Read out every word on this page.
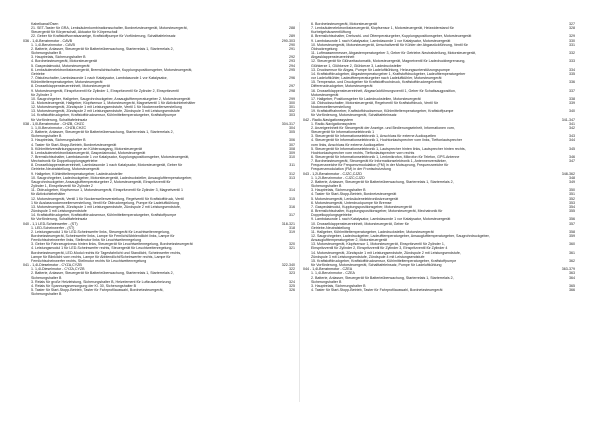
Kabelkanal/Ösen
21. SET-Taster für GRA, Lenksäulenkombinationsschalter, Bordnetzsteuergerät, Motorsteuergerät,	288
Steuergerät für Körperschall, Aktuator für Körperschall
22. Geber für Kraftstoffvorratsanzeige, Kraftstoffpumpe für Vorförderung, Schalttafeleinsatz	289
036 - 1,4l-Benzinmotor - CAVB	290-303
1. 1,4l-Benzinmotor - CAVB	290
2. Batterie, Anlasser, Steuergerät für Batterieüberwachung, Starterrelais 1, Starterrelais 2,	291
Sicherungshalter B
3. Hauptrelais, Sicherungshalter B	292
4. Bordnetzsteuergerät, Motorsteuergerät	293
5. Gaspedalmodul, Motorsteuergerät	294
6. Lenksäulenelektronikstzeuergerät, Bremslichtschalter, Kupplungspositionsgeber, Motorsteuergerät,	295
Getriebe
7. Ölstufzschalter, Lambdasonde 1 nach Katalysator, Lambdasonde 1 vor Katalysator,	296
Kühlmitteltemperaturgeber, Motorsteuergerät
8. Drosselklappensteuereinheit, Motorsteuergerät	297
9. Motorsteuergerät, Einspritzventil für Zylinder 1, Einspritzventil für Zylinder 2, Einspritzventil	298
für Zylinder 3
10. Saugrohrgeber, Hallgeber, Saugrohrdruckgeber, Ansauglufttemperaturgeber 2, Motorsteuergerät	299
11. Motorsteuergerät, Hallgeber, Klopfsensor 1, Motorsteuergerät, Magnetventil 1 für Aktivkohlebehälter	300
12. Motorsteuergerät, Zündspule 1 mit Leistungsendstufe, Ventil 1 für Nockenwellenverstellung	301
13. Motorsteuergerät, Zündspule 2 mit Leistungsendstufe, Zündspule 3 mit Leistungsendstufe	302
14. Kraftstoffdruckgeber, Kraftstoffdrucksensor, Kühlmitteltemperaturgeber, Kraftstoffpumpe	303
für Vorförderung, Schalttafeleinsatz
038 - 1,0l-Benzinmotor - CHZB, CHZC	304-317
1. 1,0l-Benzinmotor - CHZB,CHZC	304
2. Batterie, Anlasser, Steuergerät für Batterieüberwachung, Starterrelais 1, Starterrelais 2,	305
Sicherungshalter B
3. Hauptrelais, Sicherungshalter B	306
4. Taster für Start-Stopp-Betrieb, Bordnetzsteuergerät	307
5. Kühlmittelverstärkungspumpe an Kühlerausgang, Motorsteuergerät	308
6. Lenksäulenelektronikstzeuergerät, Gaspedalmodul, Motorsteuergerät	309
7. Bremslichtschalter, Lambdasonde 1 vor Katalysator, Kupplungspositionsgeber, Motorsteuergerät,	310
Mechatronik für Doppelkupplungsgetriebe
8. Drosselklappensteuereinheit, Lambdasonde 1 nach Katalysator, Motorsteuergerät, Geber für	311
Getriebe-Neutralstellung, Motorsteuergerät
9. Hallgeber, Kühlmitteltemperaturgeber, Ladedrucksteller	312
10. Saugrohrgeber, Ladedruckgeber, Motorsteuergerät, Ladedrucksteller, Ansauglufttemperaturgeber,	313
Saugrohrdruckgeber, Ansauglufttemperaturgeber 2, Motorsteuergerät, Einspritzventil für
Zylinder 1, Einspritzventil für Zylinder 2
11. Öldruckgeber, Klopfsensor 1, Motorsteuergerät, Einspritzventil für Zylinder 3, Magnetventil 1	314
für Aktivkohlebehälter
12. Motorsteuergerät, Ventil 1 für Nockenwellenverstellung, Regelventil für Kraftstoffdruck, Ventil	315
1 für Auslassnockenwellenverstellung, Ventil für Öldruckregelung, Pumpe für Ladeluftkühlung
13. Motorsteuergerät, Zündspule 1 mit Leistungsendstufe, Zündspule 2 mit Leistungsendstufe,	316
Zündspule 3 mit Leistungsendstufe
14. Kraftstoffdruckgeber, Kraftstoffdrucksensor, Kühlmitteltemperaturgeber, Kraftstoffpumpe	317
für Vorförderung, Schalttafeleinsatz
040 - 1,1 LED-Scheinwerfer - (ST)	318-321
1. LED-Scheinwerfer - (ST)	318
2. Leistungsmodul 1 für LED-Scheinwerfer links, Steuergerät für Leuchtweitenregelung,	319
Bordnetzsteuergerät, Scheinwerfer links, Lampe für Fernlicht/Abblendlicht links, Lampe für
Fernlichtscheinwerfer links, Stellmotor links für Leuchtweitenregelung
3. Geber für Fahrzeugniveau hinten links, Steuergerät für Leuchtweitenregelung, Bordnetzsteuergerät	320
4. Leistungsmodul 1 für LED-Scheinwerfer rechts, Steuergerät für Leuchtweitenregelung,	321
Bordnetzsteuergerät, LED-Modul rechts für Tagesfahrlicht und Standlicht, Scheinwerfer rechts,
Lampe für Blinklicht vorn rechts, Lampe für Abblendlicht/Scheinwerfer rechts, Lampe für
Fernlichtscheinwerfer rechts, Stellmotor rechts für Leuchtweitenregelung
041 - 1,4l-Dieselmotor - CYZA,CYZB	322-340
1. 1,4l-Dieselmotor - CYZA,CYZB	322
2. Batterie, Anlasser, Steuergerät für Batterieüberwachung, Starterrelais 1, Starterrelais 2,	323
Sicherungshalter B
3. Relais für große Heizleistung, Sicherungshalter B, Heizelement für Luftzusatzheizung	324
4. Relais für Spannungsversorgung der Kl. 30, Sicherungshalter B	325
5. Taster für Start-Stopp-Betrieb, Taster für Fahrprofilauswahl, Bordnetzsteuergerät,	326
Sicherungshalter B
6. Bordnetzsteuergerät, Motorsteuergerät	327
7. Lenksäulenelektronikstzeuergerät, Klopfsensor 1, Motorsteuergerät, Heizwiderstand für	328
Kurbelgehäuseentlüftung
8. Bremslichtschalter, Drehzahl- und Öltemperaturgeber, Kupplungspositionsgeber, Motorsteuergerät	329
9. Lambdasonde 1 nach Katalysator, Lambdasonde 1 vor Katalysator, Motorsteuergerät	330
10. Motorsteuergerät, Motorsteuergerät, Umschaltventil für Kühler der Abgasrückführung, Ventil für	331
Öldruckregelung
11. Luftmassenmesser, Abgastemperaturgeber 3, Geber für Getriebe-Neutralstellung, Motorsteuergerät,	332
Abgasklappensteuereinheit
12. Steuergerät für Glühzeitautomatik, Motorsteuergerät, Magnetventil für Ladedruckbegrenzung,	333
Glühkerze 1, Glühkerze 2, Glühkerze 3, Ladedrucksteller
13. Drucksensor für Abgas, Pumpe für Ladeluftkühlung, Heizungsunterstützungspumpe	334
14. Kraftstoffdruckgeber, Abgastemperaturgeber 1, Kraftstoffdruckgeber, Ladeufttemperaturgeber	335
vor Ladeluftkühler, Ladeufttemperaturgeber nach Ladeluftkühler, Motorsteuergerät
15. Temperatur- und Druckgeber für Kraftstoffhochdruck, Kraftstoffdruckregelventil,	336
Differenzdruckgeber, Motorsteuergerät
16. Drosselklappensteuereinheit, Abgasrückführungsventil 1, Geber für Schaltsaugposition,	337
Motorsteuergerät
17. Hallgeber, Positionsgeber für Ladedruckstellen, Motorsteuergerät	338
18. Öldrucksschalter, Motorsteuergerät, Regelventil für Kraftstoffdruck, Ventil für	339
Nockenwellenverstellung
19. Kraftstoffhahneber, Kraftstoffdrucksensor, Kühlmitteltemperaturgeber, Kraftstoffpumpe	340
für Vorförderung, Motorsteuergerät, Schalttafeleinsatz
042 - Radio-Navigationssystem	341-347
1. Radio-Navigationssystem	341
2. Anzeigeeinheit für Steuergerät der Anzeige- und Bedienungseinheit, Informationen vorn,	342
Steuergerät für Informationselektronik 1
3. Steuergerät für Informationselektronik 1, Anschluss für externe Audioquellen	343
4. Steuergerät für Informationselektronik 1, Hochtonlautsprecher vorn links, Tieftonlautsprecher	344
vorn links, Anschluss für externe Audioquellen
5. Steuergerät für Informationselektronik 1, Lautsprecher hinten links, Lautsprecher hinten rechts,	345
Hochtonlautsprecher vorn rechts, Tieftonlautsprecher vorn rechts
6. Steuergerät für Informationselektronik 1, Lenkmikrofon, Mikrofon für Telefon, GPS-Antenne	346
7. Bordnetzsteuergerät, Steuergerät für Informationselektronik 1, Antennenverstärker,	347
Frequenzweiche für Frequenzmodulation (FM) in der Mutsuprung, Frequenzweiche für
Frequenzmodulation (FM) in der Frontschutzsfung
043 - 1,2l-Benzinmotor - CJZC,CJZD	348-362
1. 1,2l-Benzinmotor - CJZC,CJZD	348
2. Batterie, Anlasser, Steuergerät für Batterieüberwachung, Starterrelais 1, Starterrelais 2,	349
Sicherungshalter B
3. Hauptrelais, Sicherungshalter B	350
4. Taster für Start-Stopp-Betrieb, Bordnetzsteuergerät	351
5. Motorsteuergerät, Lenksäulenelektronikstzeuergerät	352
6. Motorsteuergerät, Unterdruckpumpe für Bremse	353
7. Gaspedalmodul, Kupplungspositionsgeber, Motorsteuergerät	354
8. Bremslichtschalter, Kupplungspositionsgeber, Motorsteuergerät, Mechatronik für	355
Doppelkupplungsgetriebe
9. Lambdasonde 1 nach Katalysator, Lambdasonde 1 vor Katalysator, Motorsteuergerät	356
10. Drosselklappensteuereinheit, Motorsteuergerät, Geber für	357
Getriebe-Neutralstellung
11. Hallgeber, Kühlmitteltemperaturgeber, Ladedrucksteller, Motorsteuergerät	358
12. Saugrohrgeber, Ladedruckgeber, Ladeufttemperaturgeber, Ansauglufttemperaturgeber, Saugrohrdruckgeber,	359
Ansauglufttemperaturgeber 2, Motorsteuergerät
13. Motorsteuergerät, Klopfsensor 1, Motorsteuergerät, Einspritzventil für Zylinder 1,	360
Einspritzventil für Zylinder 2, Einspritzventil für Zylinder 3, Einspritzventil für Zylinder 4
14. Motorsteuergerät, Zündspule 1 mit Leistungsendstufe, Zündspule 2 mit Leistungsendstufe,	361
Zündspule 3 mit Leistungsendstufe, Zündspule 4 mit Leistungsendstufe
15. Kraftstoffdruckgeber, Kraftstoffdrucksensor, Kühlmitteltemperaturgeber, Kraftstoffpumpe	362
für Vorförderung, Motorsteuergerät, Schalttafeleinsatz, Pumpe für Ladeluftkühlung
044 - 1,4l-Benzinmotor - CZEA	363-379
1. 1,4l-Benzinmotor - CZEA	363
2. Batterie, Anlasser, Steuergerät für Batterieüberwachung, Starterrelais 1, Starterrelais 2,	364
Sicherungshalter B
3. Hauptrelais, Sicherungshalter B	365
4. Taster für Start-Stopp-Betrieb, Taster für Fahrprofilauswahl, Bordnetzsteuergerät	366
